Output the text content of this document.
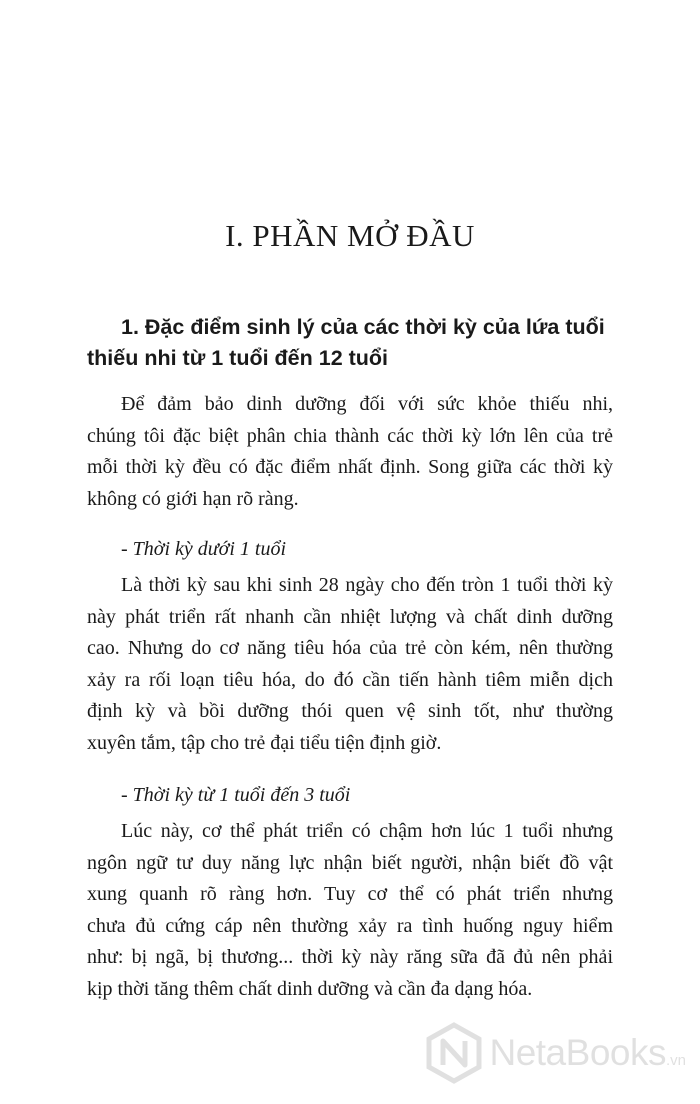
I. PHẦN MỞ ĐẦU
1. Đặc điểm sinh lý của các thời kỳ của lứa tuổi
thiếu nhi từ 1 tuổi đến 12 tuổi

Để đảm bảo dinh dưỡng đối với sức khỏe thiếu nhi,
chúng tôi đặc biệt phân chia thành các thời kỳ lớn lên của trẻ
mỗi thời kỳ đều có đặc điểm nhất định. Song giữa các thời kỳ
không có giới hạn rõ ràng.

- Thời kỳ dưới 1 tuổi

Là thời kỳ sau khi sinh 28 ngày cho đến tròn 1 tuổi thời kỳ
này phát triển rất nhanh cần nhiệt lượng và chất dinh dưỡng
cao. Nhưng do cơ năng tiêu hóa của trẻ còn kém, nên thường
xảy ra rối loạn tiêu hóa, do đó cần tiến hành tiêm miễn dịch
định kỳ và bồi dưỡng thói quen vệ sinh tốt, như thường
xuyên tắm, tập cho trẻ đại tiểu tiện định giờ.

- Thời kỳ từ 1 tuổi đến 3 tuổi

Lúc này, cơ thể phát triển có chậm hơn lúc 1 tuổi nhưng
ngôn ngữ tư duy năng lực nhận biết người, nhận biết đồ vật
xung quanh rõ ràng hơn. Tuy cơ thể có phát triển nhưng
chưa đủ cứng cáp nên thường xảy ra tình huống nguy hiểm
như: bị ngã, bị thương... thời kỳ này răng sữa đã đủ nên phải
kịp thời tăng thêm chất dinh dưỡng và cần đa dạng hóa.

NetaBooks.vn
